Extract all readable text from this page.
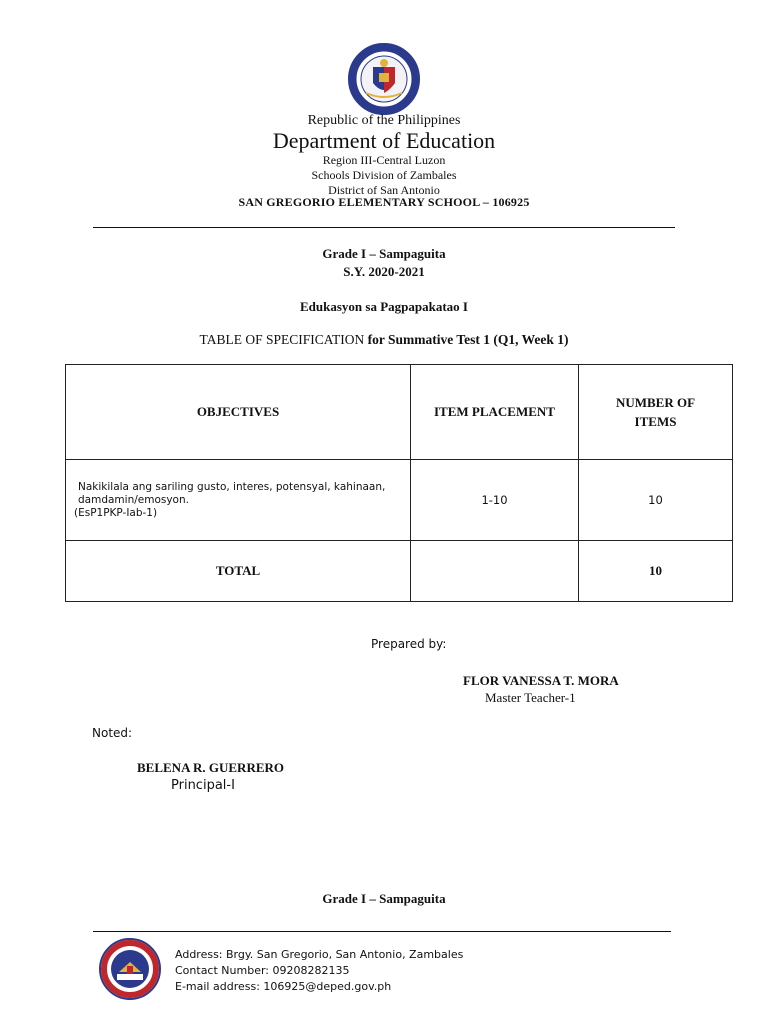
Republic of the Philippines
Department of Education
Region III-Central Luzon
Schools Division of Zambales
District of San Antonio
SAN GREGORIO ELEMENTARY SCHOOL – 106925
Grade I – Sampaguita
S.Y. 2020-2021
Edukasyon sa Pagpapakatao I
TABLE OF SPECIFICATION for Summative Test 1 (Q1, Week 1)
OBJECTIVES	ITEM PLACEMENT	NUMBER OF ITEMS

Nakikilala ang sariling gusto, interes, potensyal, kahinaan,
damdamin/emosyon.
(EsP1PKP-Iab-1)	1-10	10
TOTAL		10
Prepared by:
FLOR VANESSA T. MORA
Master Teacher-1
Noted:
BELENA R. GUERRERO
Principal-I
Grade I – Sampaguita
Address: Brgy. San Gregorio, San Antonio, Zambales
Contact Number: 09208282135
E-mail address: 106925@deped.gov.ph
